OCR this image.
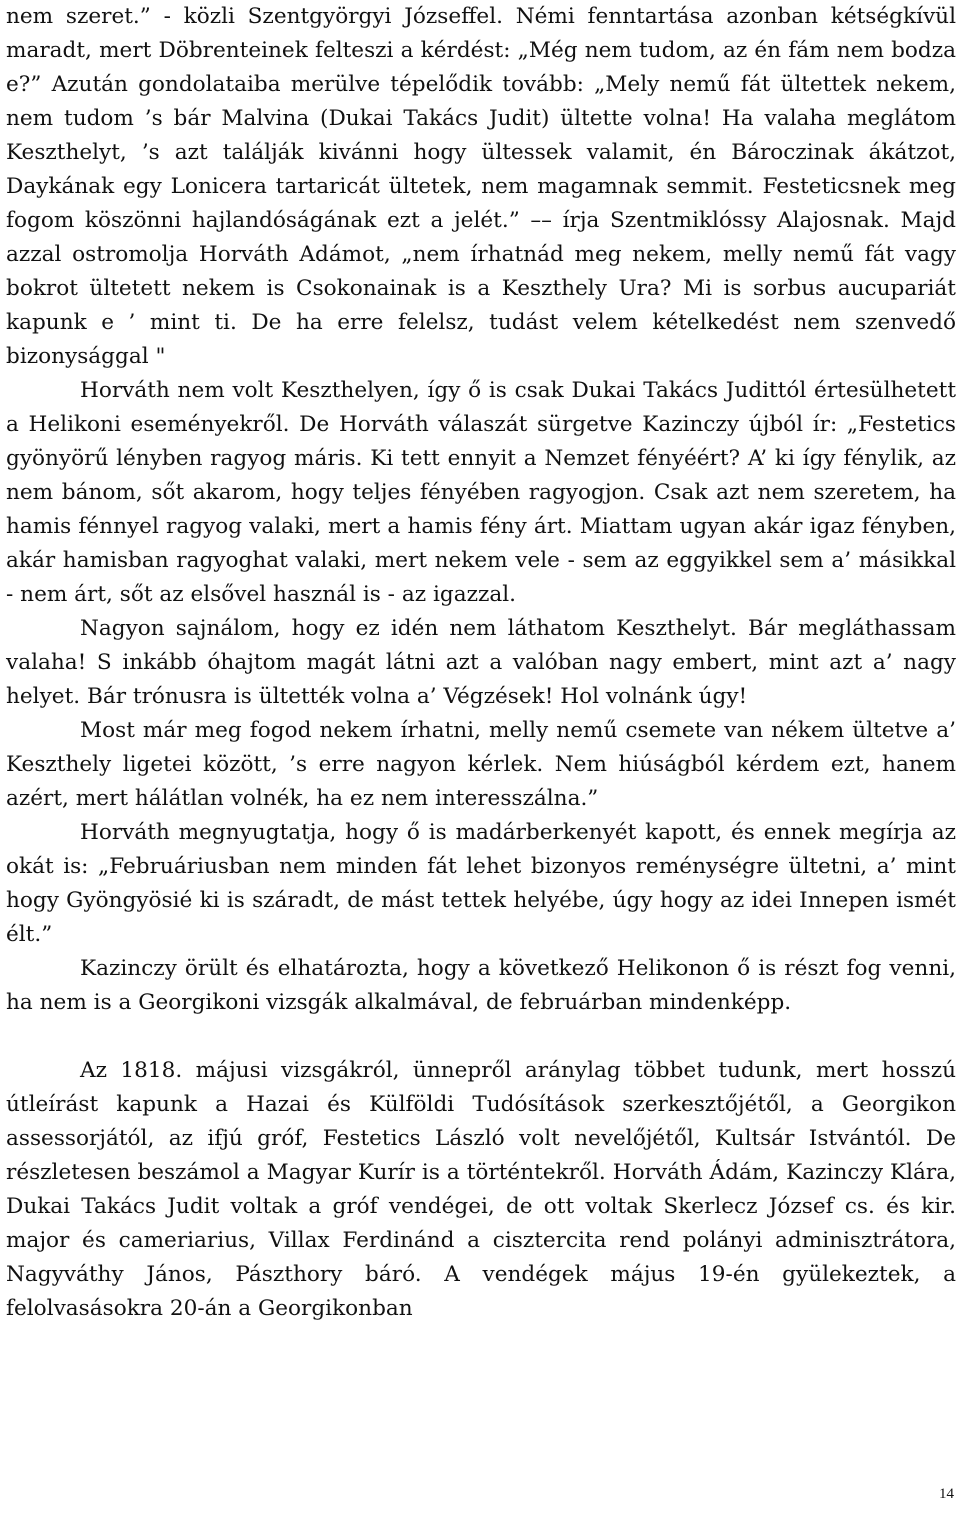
nem szeret.” - közli Szentgyörgyi Józseffel. Némi fenntartása azonban kétségkívül maradt, mert Döbrenteinek felteszi a kérdést: „Még nem tudom, az én fám nem bodza e?” Azután gondolataiba merülve tépelődik tovább: „Mely nemű fát ültettek nekem, nem tudom ’s bár Malvina (Dukai Takács Judit) ültette volna! Ha valaha meglátom Keszthelyt, ’s azt találják kivánni hogy ültessek valamit, én Bároczinak ákátzot, Daykának egy Lonicera tartaricát ültetek, nem magamnak semmit. Festeticsnek meg fogom köszönni hajlandóságának ezt a jelét.” –– írja Szentmiklóssy Alajosnak. Majd azzal ostromolja Horváth Adámot, „nem írhatnád meg nekem, melly nemű fát vagy bokrot ültetett nekem is Csokonainak is a Keszthely Ura? Mi is sorbus aucupariát kapunk e ’ mint ti. De ha erre felelsz, tudást velem kételkedést nem szenvedő bizonysággal "

Horváth nem volt Keszthelyen, így ő is csak Dukai Takács Judittól értesülhetett a Helikoni eseményekről. De Horváth válaszát sürgetve Kazinczy újból ír: „Festetics gyönyörű lényben ragyog máris. Ki tett ennyit a Nemzet fényéért? A’ ki így fénylik, az nem bánom, sőt akarom, hogy teljes fényében ragyogjon. Csak azt nem szeretem, ha hamis fénnyel ragyog valaki, mert a hamis fény árt. Miattam ugyan akár igaz fényben, akár hamisban ragyoghat valaki, mert nekem vele - sem az eggyikkel sem a’ másikkal - nem árt, sőt az elsővel használ is - az igazzal.

Nagyon sajnálom, hogy ez idén nem láthatom Keszthelyt. Bár megláthassam valaha! S inkább óhajtom magát látni azt a valóban nagy embert, mint azt a’ nagy helyet. Bár trónusra is ültették volna a’ Végzések! Hol volnánk úgy!

Most már meg fogod nekem írhatni, melly nemű csemete van nékem ültetve a’ Keszthely ligetei között, ’s erre nagyon kérlek. Nem hiúságból kérdem ezt, hanem azért, mert hálátlan volnék, ha ez nem interesszálna.”

Horváth megnyugtatja, hogy ő is madárberkenyét kapott, és ennek megírja az okát is: „Februáriusban nem minden fát lehet bizonyos reménységre ültetni, a’ mint hogy Gyöngyösié ki is száradt, de mást tettek helyébe, úgy hogy az idei Innepen ismét élt.”

Kazinczy örült és elhatározta, hogy a következő Helikonon ő is részt fog venni, ha nem is a Georgikoni vizsgák alkalmával, de februárban mindenképp.

Az 1818. májusi vizsgákról, ünnepről aránylag többet tudunk, mert hosszú útleírást kapunk a Hazai és Külföldi Tudósítások szerkesztőjétől, a Georgikon assessorjától, az ifjú gróf, Festetics László volt nevelőjétől, Kultsár Istvántól. De részletesen beszámol a Magyar Kurír is a történtekről. Horváth Ádám, Kazinczy Klára, Dukai Takács Judit voltak a gróf vendégei, de ott voltak Skerlecz József cs. és kir. major és cameriarius, Villax Ferdinánd a cisztercita rend polányi adminisztrátora, Nagyváthy János, Pászthory báró. A vendégek május 19-én gyülekeztek, a felolvasásokra 20-án a Georgikonban

14
